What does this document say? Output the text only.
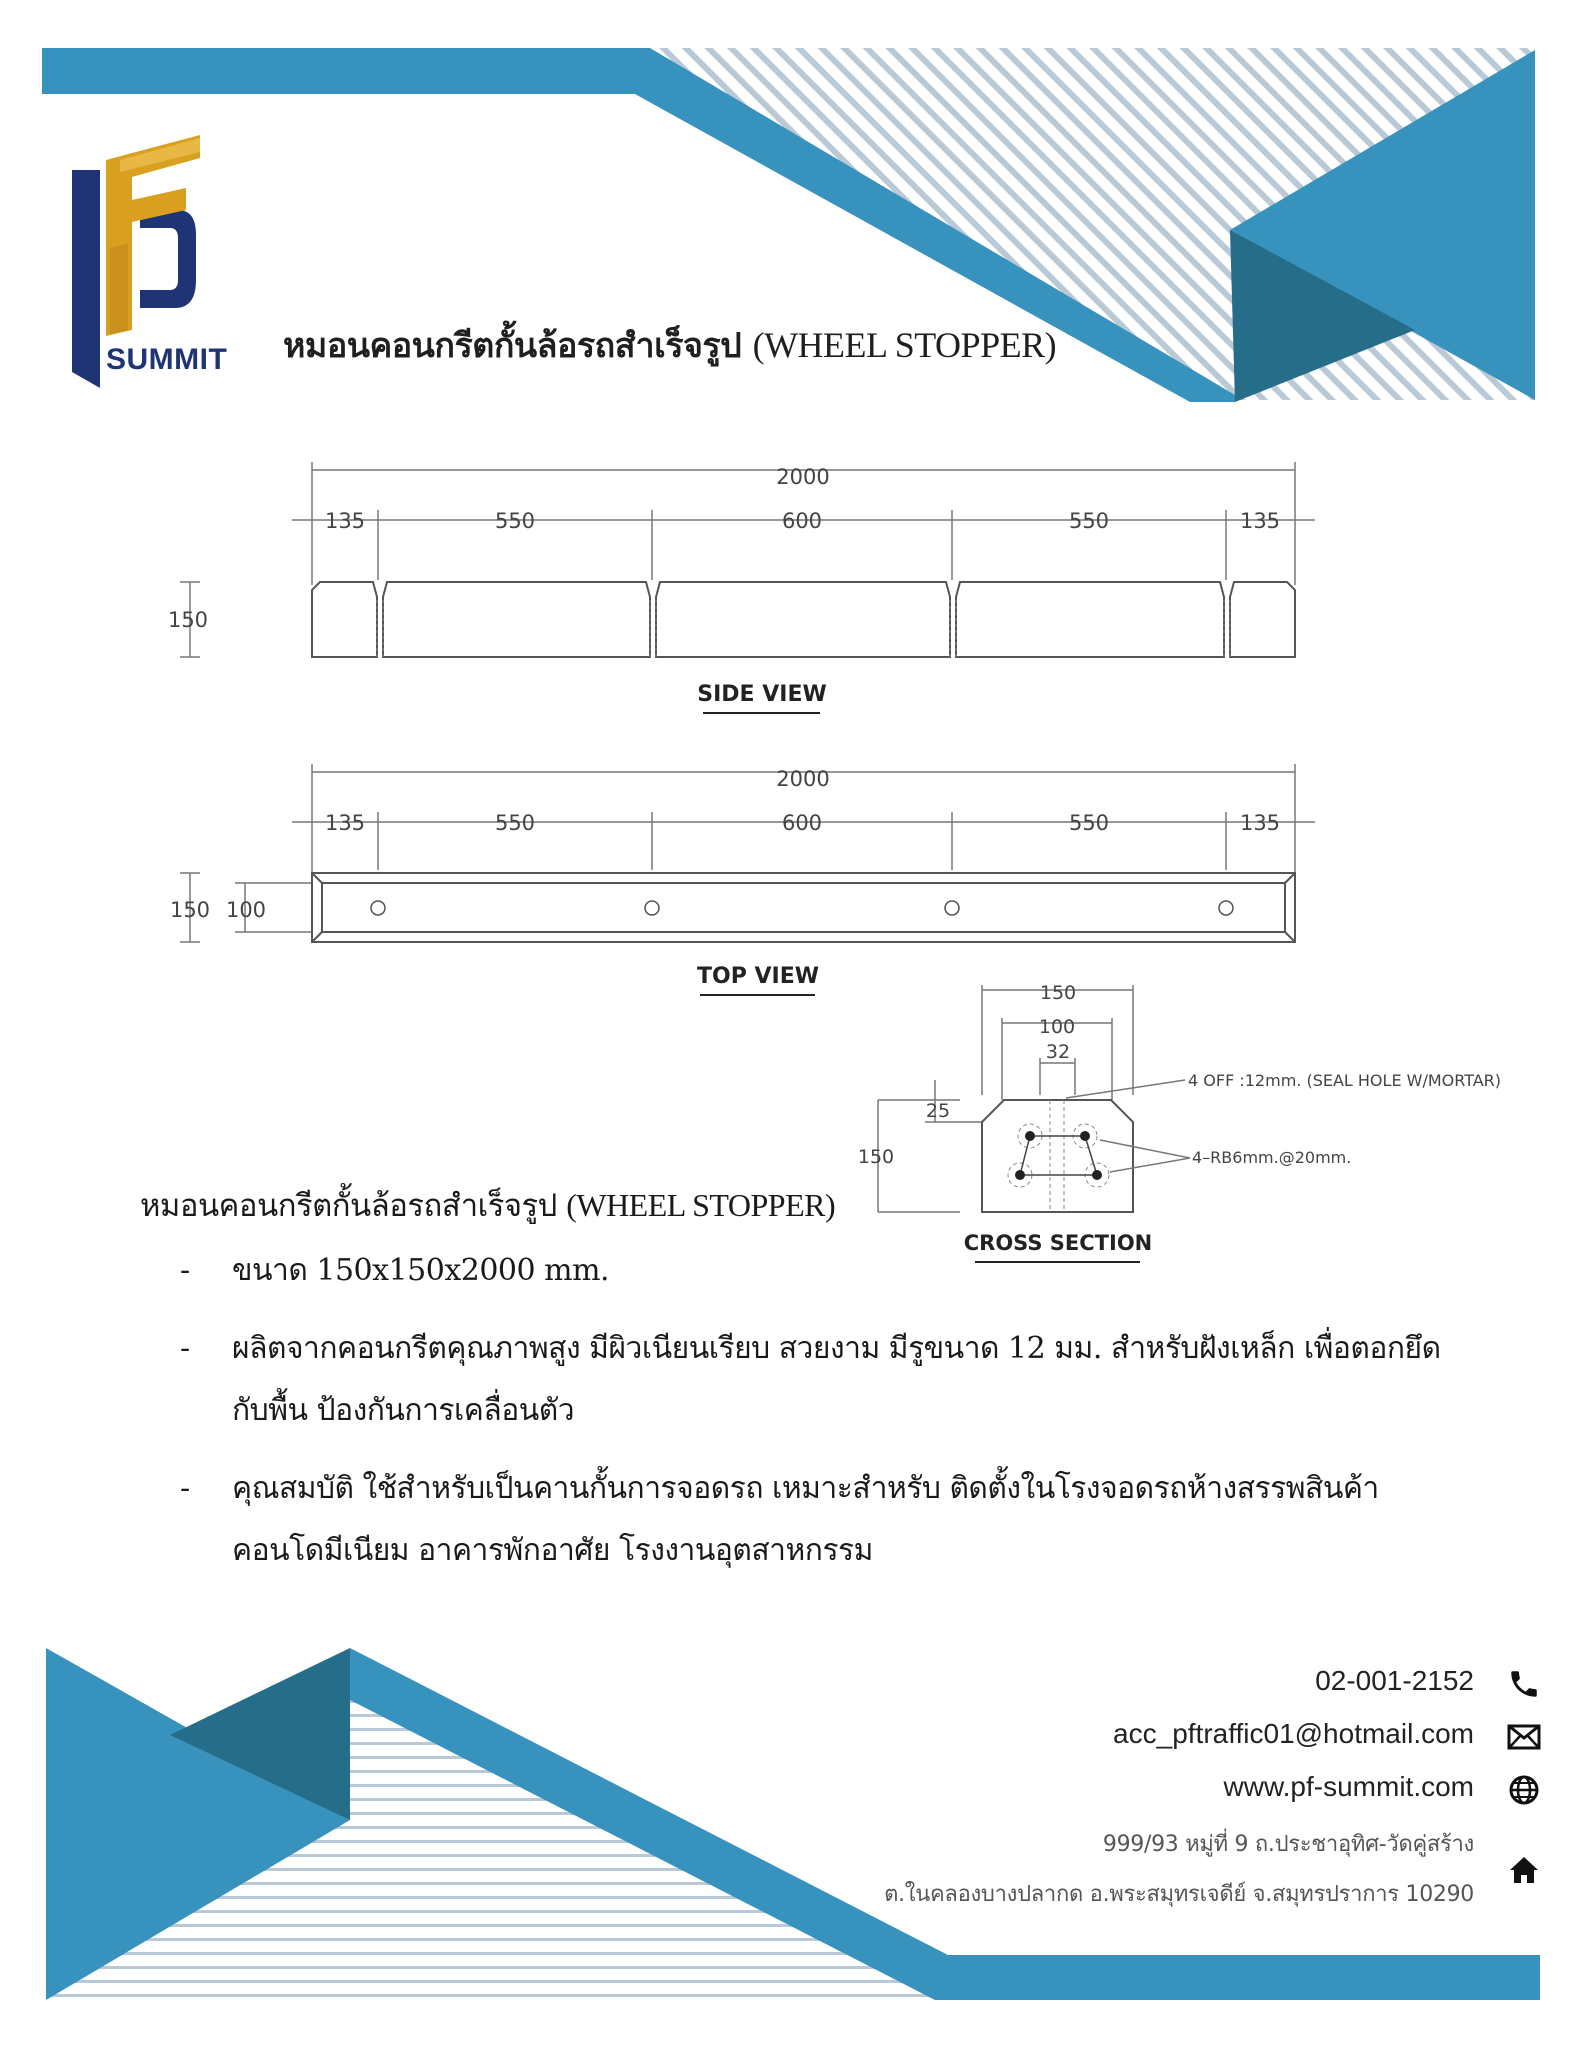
SUMMIT หมอนคอนกรีตกั้นล้อรถสำเร็จรูป (WHEEL STOPPER)
2000
135	550	600	550	135
150
SIDE VIEW
2000
135	550	600	550	135
150 100
TOP VIEW
150
100
32
25
150
4 OFF :12mm. (SEAL HOLE W/MORTAR)
4–RB6mm.@20mm.
CROSS SECTION
หมอนคอนกรีตกั้นล้อรถสำเร็จรูป (WHEEL STOPPER)
- ขนาด 150x150x2000 mm.
- ผลิตจากคอนกรีตคุณภาพสูง มีผิวเนียนเรียบ สวยงาม มีรูขนาด 12 มม. สำหรับฝังเหล็ก เพื่อตอกยึด
กับพื้น ป้องกันการเคลื่อนตัว
- คุณสมบัติ ใช้สำหรับเป็นคานกั้นการจอดรถ เหมาะสำหรับ ติดตั้งในโรงจอดรถห้างสรรพสินค้า
คอนโดมีเนียม อาคารพักอาศัย โรงงานอุตสาหกรรม
02-001-2152
acc_pftraffic01@hotmail.com
www.pf-summit.com
999/93 หมู่ที่ 9 ถ.ประชาอุทิศ-วัดคู่สร้าง
ต.ในคลองบางปลากด อ.พระสมุทรเจดีย์ จ.สมุทรปราการ 10290
